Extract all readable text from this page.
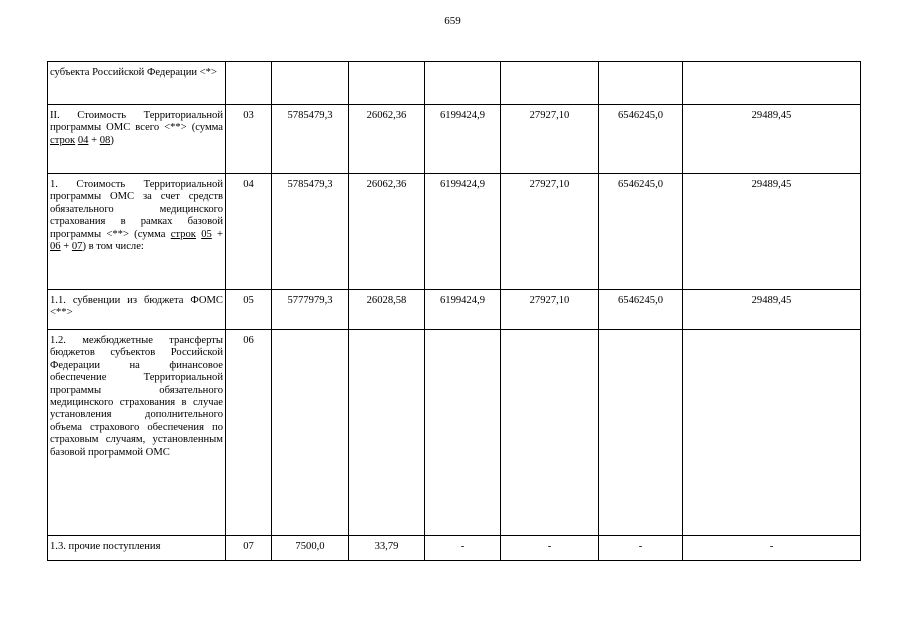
659
субъекта Российской Федерации <*>							
II. Стоимость Территориальной программы ОМС всего <**> (сумма строк 04 + 08)	03	5785479,3	26062,36	6199424,9	27927,10	6546245,0	29489,45
1. Стоимость Территориальной программы ОМС за счет средств обязательного медицинского страхования в рамках базовой программы <**> (сумма строк 05 + 06 + 07) в том числе:	04	5785479,3	26062,36	6199424,9	27927,10	6546245,0	29489,45
1.1. субвенции из бюджета ФОМС <**>	05	5777979,3	26028,58	6199424,9	27927,10	6546245,0	29489,45
1.2. межбюджетные трансферты бюджетов субъектов Российской Федерации на финансовое обеспечение Территориальной программы обязательного медицинского страхования в случае установления дополнительного объема страхового обеспечения по страховым случаям, установленным базовой программой ОМС	06						
1.3. прочие поступления	07	7500,0	33,79	-	-	-	-
